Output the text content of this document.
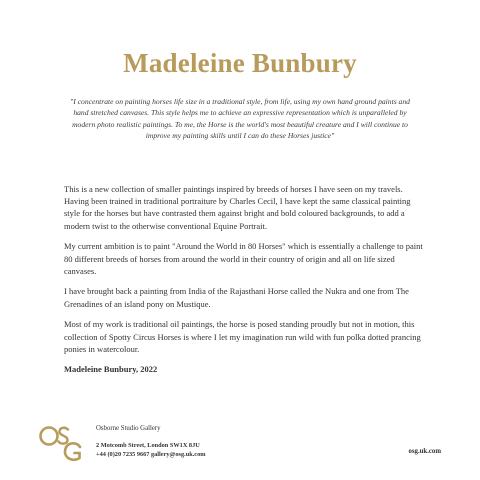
Madeleine Bunbury
"I concentrate on painting horses life size in a traditional style, from life, using my own hand ground paints and hand stretched canvases. This style helps me to achieve an expressive representation which is unparalleled by modern photo realistic paintings. To me, the Horse is the world's most beautiful creature and I will continue to improve my painting skills until I can do these Horses justice"

This is a new collection of smaller paintings inspired by breeds of horses I have seen on my travels. Having been trained in traditional portraiture by Charles Cecil, I have kept the same classical painting style for the horses but have contrasted them against bright and bold coloured backgrounds, to add a modern twist to the otherwise conventional Equine Portrait.

My current ambition is to paint "Around the World in 80 Horses" which is essentially a challenge to paint 80 different breeds of horses from around the world in their country of origin and all on life sized canvases.

I have brought back a painting from India of the Rajasthani Horse called the Nukra and one from The Grenadines of an island pony on Mustique.

Most of my work is traditional oil paintings, the horse is posed standing proudly but not in motion, this collection of Spotty Circus Horses is where I let my imagination run wild with fun polka dotted prancing ponies in watercolour.

Madeleine Bunbury, 2022

Osborne Studio Gallery
2 Motcomb Street, London SW1X 8JU
+44 (0)20 7235 9667 gallery@osg.uk.com	osg.uk.com
